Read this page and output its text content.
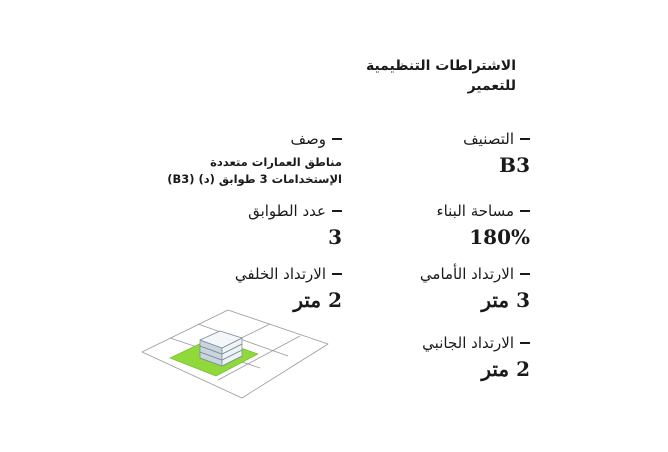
الاشتراطات التنظيمية
للتعمير
التصنيف
B3
مساحة البناء
180%
الارتداد الأمامي
3 متر
الارتداد الجانبي
2 متر
وصف
مناطق العمارات متعددة
الإستخدامات 3 طوابق (د) (B3)
عدد الطوابق
3
الارتداد الخلفي
2 متر
